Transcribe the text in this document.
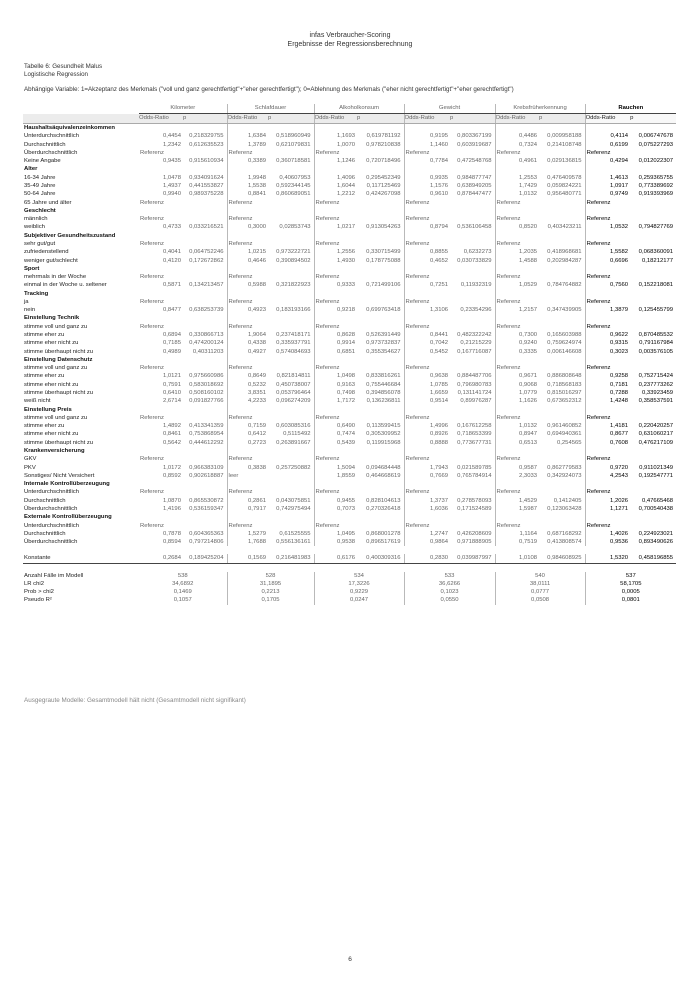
infas Verbraucher-Scoring
Ergebnisse der Regressionsberechnung
Tabelle 6: Gesundheit Malus
Logistische Regression
Abhängige Variable: 1=Akzeptanz des Merkmals ("voll und ganz gerechtfertigt"+"eher gerechtfertigt"); 0=Ablehnung des Merkmals ("eher nicht gerechtfertigt"+"eher gerechtfertigt")
	Kilometer		Schlafdauer		Alkoholkonsum		Gewicht		Krebsfrüherkennung		Rauchen	
	Odds-Ratio	p	Odds-Ratio	p	Odds-Ratio	p	Odds-Ratio	p	Odds-Ratio	p	Odds-Ratio	p
Haushaltsäquivalenzeinkommen												
Unterdurchschnittlich	0,4454	0,218329755	1,6384	0,518960949	1,1693	0,619781192	0,9195	0,803367199	0,4486	0,009958188	0,4114	0,006747678
Durchschnittlich	1,2342	0,612635523	1,3789	0,621079831	1,0070	0,978210838	1,1460	0,603919687	0,7324	0,214108748	0,6199	0,075227293
Überdurchschnittlich	Referenz		Referenz		Referenz		Referenz		Referenz		Referenz	
Keine Angabe	0,9435	0,915610934	0,3389	0,360718581	1,1246	0,720718496	0,7784	0,472548768	0,4961	0,029136815	0,4294	0,012022307
Alter												
16-34 Jahre	1,0478	0,934091624	1,9948	0,40607953	1,4096	0,295452349	0,9935	0,984877747	1,2553	0,476409578	1,4613	0,259365755
35-49 Jahre	1,4937	0,441553827	1,5538	0,592344145	1,6044	0,117125469	1,1576	0,638949205	1,7429	0,059824221	1,0917	0,773389692
50-64 Jahre	0,9940	0,989375228	0,8841	0,860689051	1,2212	0,424267098	0,9610	0,878447477	1,0132	0,956480771	0,9749	0,919393969
65 Jahre und älter	Referenz		Referenz		Referenz		Referenz		Referenz		Referenz	
Geschlecht												
männlich	Referenz		Referenz		Referenz		Referenz		Referenz		Referenz	
weiblich	0,4733	0,033216521	0,3000	0,02853743	1,0217	0,913054263	0,8794	0,536106458	0,8520	0,403423211	1,0532	0,794827769
Subjektiver Gesundheitszustand												
sehr gut/gut	Referenz		Referenz		Referenz		Referenz		Referenz		Referenz	
zufriedenstellend	0,4041	0,064752246	1,0215	0,973222721	1,2556	0,330715499	0,8855	0,6232273	1,2035	0,418968681	1,5582	0,068360091
weniger gut/schlecht	0,4120	0,172672862	0,4646	0,390894502	1,4930	0,178775088	0,4652	0,030733829	1,4588	0,202984287	0,6696	0,18212177
Sport												
mehrmals in der Woche	Referenz		Referenz		Referenz		Referenz		Referenz		Referenz	
einmal in der Woche u. seltener	0,5871	0,134213457	0,5988	0,321822923	0,9333	0,721499106	0,7251	0,11932319	1,0529	0,784764882	0,7560	0,152218081
Tracking												
ja	Referenz		Referenz		Referenz		Referenz		Referenz		Referenz	
nein	0,8477	0,638253739	0,4923	0,183193166	0,9218	0,699763418	1,3106	0,23354296	1,2157	0,347439905	1,3879	0,125455799
Einstellung Technik												
stimme voll und ganz zu	Referenz		Referenz		Referenz		Referenz		Referenz		Referenz	
stimme eher zu	0,6894	0,330866713	1,9064	0,237418171	0,8628	0,526391449	0,8441	0,482322242	0,7300	0,165603988	0,9622	0,870485532
stimme eher nicht zu	0,7185	0,474200124	0,4338	0,335937791	0,9914	0,973732837	0,7042	0,21215229	0,9240	0,759624974	0,9315	0,791167984
stimme überhaupt nicht zu	0,4989	0,40311203	0,4927	0,574084693	0,6851	0,355354627	0,5452	0,167716087	0,3335	0,006146608	0,3023	0,003576105
Einstellung Datenschutz												
stimme voll und ganz zu	Referenz		Referenz		Referenz		Referenz		Referenz		Referenz	
stimme eher zu	1,0121	0,975660986	0,8649	0,821814811	1,0498	0,833816261	0,9638	0,884487706	0,9671	0,886808648	0,9258	0,752715424
stimme eher nicht zu	0,7591	0,583018692	0,5232	0,450738007	0,9163	0,755446684	1,0785	0,796980783	0,9068	0,718568183	0,7181	0,237773262
stimme überhaupt nicht zu	0,6410	0,508160102	3,8351	0,053796464	0,7498	0,394856078	1,6659	0,131141724	1,0779	0,815016297	0,7288	0,33923459
weiß nicht	2,6714	0,091827766	4,2233	0,096274209	1,7172	0,136236811	0,9514	0,89976287	1,1626	0,673652312	1,4248	0,358537591
Einstellung Preis												
stimme voll und ganz zu	Referenz		Referenz		Referenz		Referenz		Referenz		Referenz	
stimme eher zu	1,4892	0,413341359	0,7159	0,603085316	0,6490	0,113599415	1,4996	0,167612258	1,0132	0,961460852	1,4181	0,220420257
stimme eher nicht zu	0,8461	0,753868954	0,6412	0,5115492	0,7474	0,305309952	0,8926	0,718653399	0,8947	0,694940361	0,8677	0,631060217
stimme überhaupt nicht zu	0,5642	0,444612292	0,2723	0,263891667	0,5439	0,119915968	0,8888	0,773677731	0,6513	0,254565	0,7608	0,476217109
Krankenversicherung												
GKV	Referenz		Referenz		Referenz		Referenz		Referenz		Referenz	
PKV	1,0172	0,966383109	0,3838	0,257250882	1,5094	0,094684448	1,7943	0,021589785	0,9587	0,862779583	0,9720	0,911021349
Sonstiges/ Nicht Versichert	0,8592	0,902618887	leer		1,8559	0,464668619	0,7669	0,765784914	2,3033	0,342924073	4,2543	0,192547771
Internale Kontrollüberzeugung												
Unterdurchschnittlich	Referenz		Referenz		Referenz		Referenz		Referenz		Referenz	
Durchschnittlich	1,0870	0,865530872	0,2861	0,043075851	0,9455	0,828104613	1,3737	0,278578093	1,4529	0,1412405	1,2026	0,47665468
Überdurchschnittlich	1,4196	0,536159347	0,7917	0,742975494	0,7073	0,270326418	1,6036	0,171524589	1,5987	0,123063428	1,1271	0,700540438
Externale Kontrollüberzeugung												
Unterdurchschnittlich	Referenz		Referenz		Referenz		Referenz		Referenz		Referenz	
Durchschnittlich	0,7878	0,604365363	1,5279	0,61525555	1,0495	0,868001278	1,2747	0,426208609	1,1164	0,687168292	1,4026	0,224923021
Überdurchschnittlich	0,8594	0,797214806	1,7688	0,556136161	0,9538	0,896517619	0,9864	0,971888905	0,7519	0,413808574	0,9536	0,893490626

Konstante	0,2684	0,189425204	0,1569	0,216481983	0,6176	0,400309316	0,2830	0,039987997	1,0108	0,984608925	1,5320	0,458196855

Anzahl Fälle im Modell	538		528		534		533		540		537	
LR chi2	34,6892		31,1895		17,3226		36,6266		38,0111		58,1705	
Prob > chi2	0,1469		0,2213		0,9229		0,1023		0,0777		0,0005	
Pseudo R²	0,1057		0,1705		0,0247		0,0550		0,0508		0,0801	
Ausgegraute Modelle: Gesamtmodell hält nicht (Gesamtmodell nicht signifikant)
6
